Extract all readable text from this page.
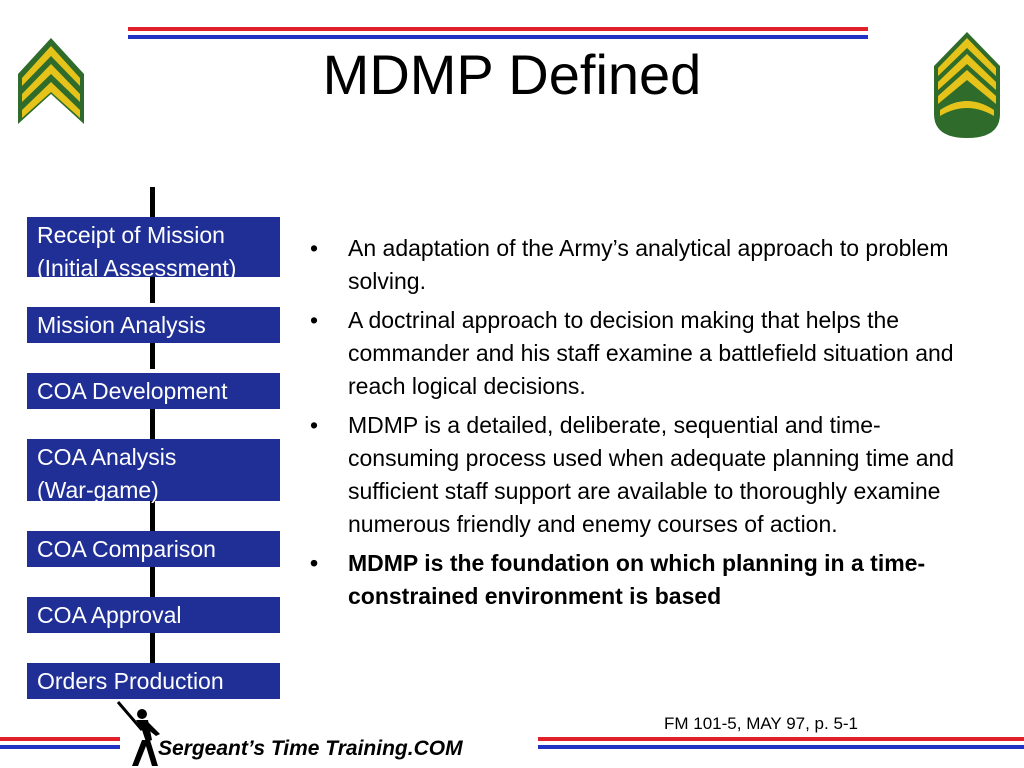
MDMP Defined
Receipt of Mission
(Initial Assessment)
Mission Analysis
COA Development
COA Analysis
(War-game)
COA Comparison
COA Approval
Orders Production
• An adaptation of the Army’s analytical approach to problem solving.
• A doctrinal approach to decision making that helps the commander and his staff examine a battlefield situation and reach logical decisions.
• MDMP is a detailed, deliberate, sequential and time-consuming process used when adequate planning time and sufficient staff support are available to thoroughly examine numerous friendly and enemy courses of action.
• MDMP is the foundation on which planning in a time-constrained environment is based
FM 101-5, MAY 97, p. 5-1
Sergeant’s Time Training.COM
